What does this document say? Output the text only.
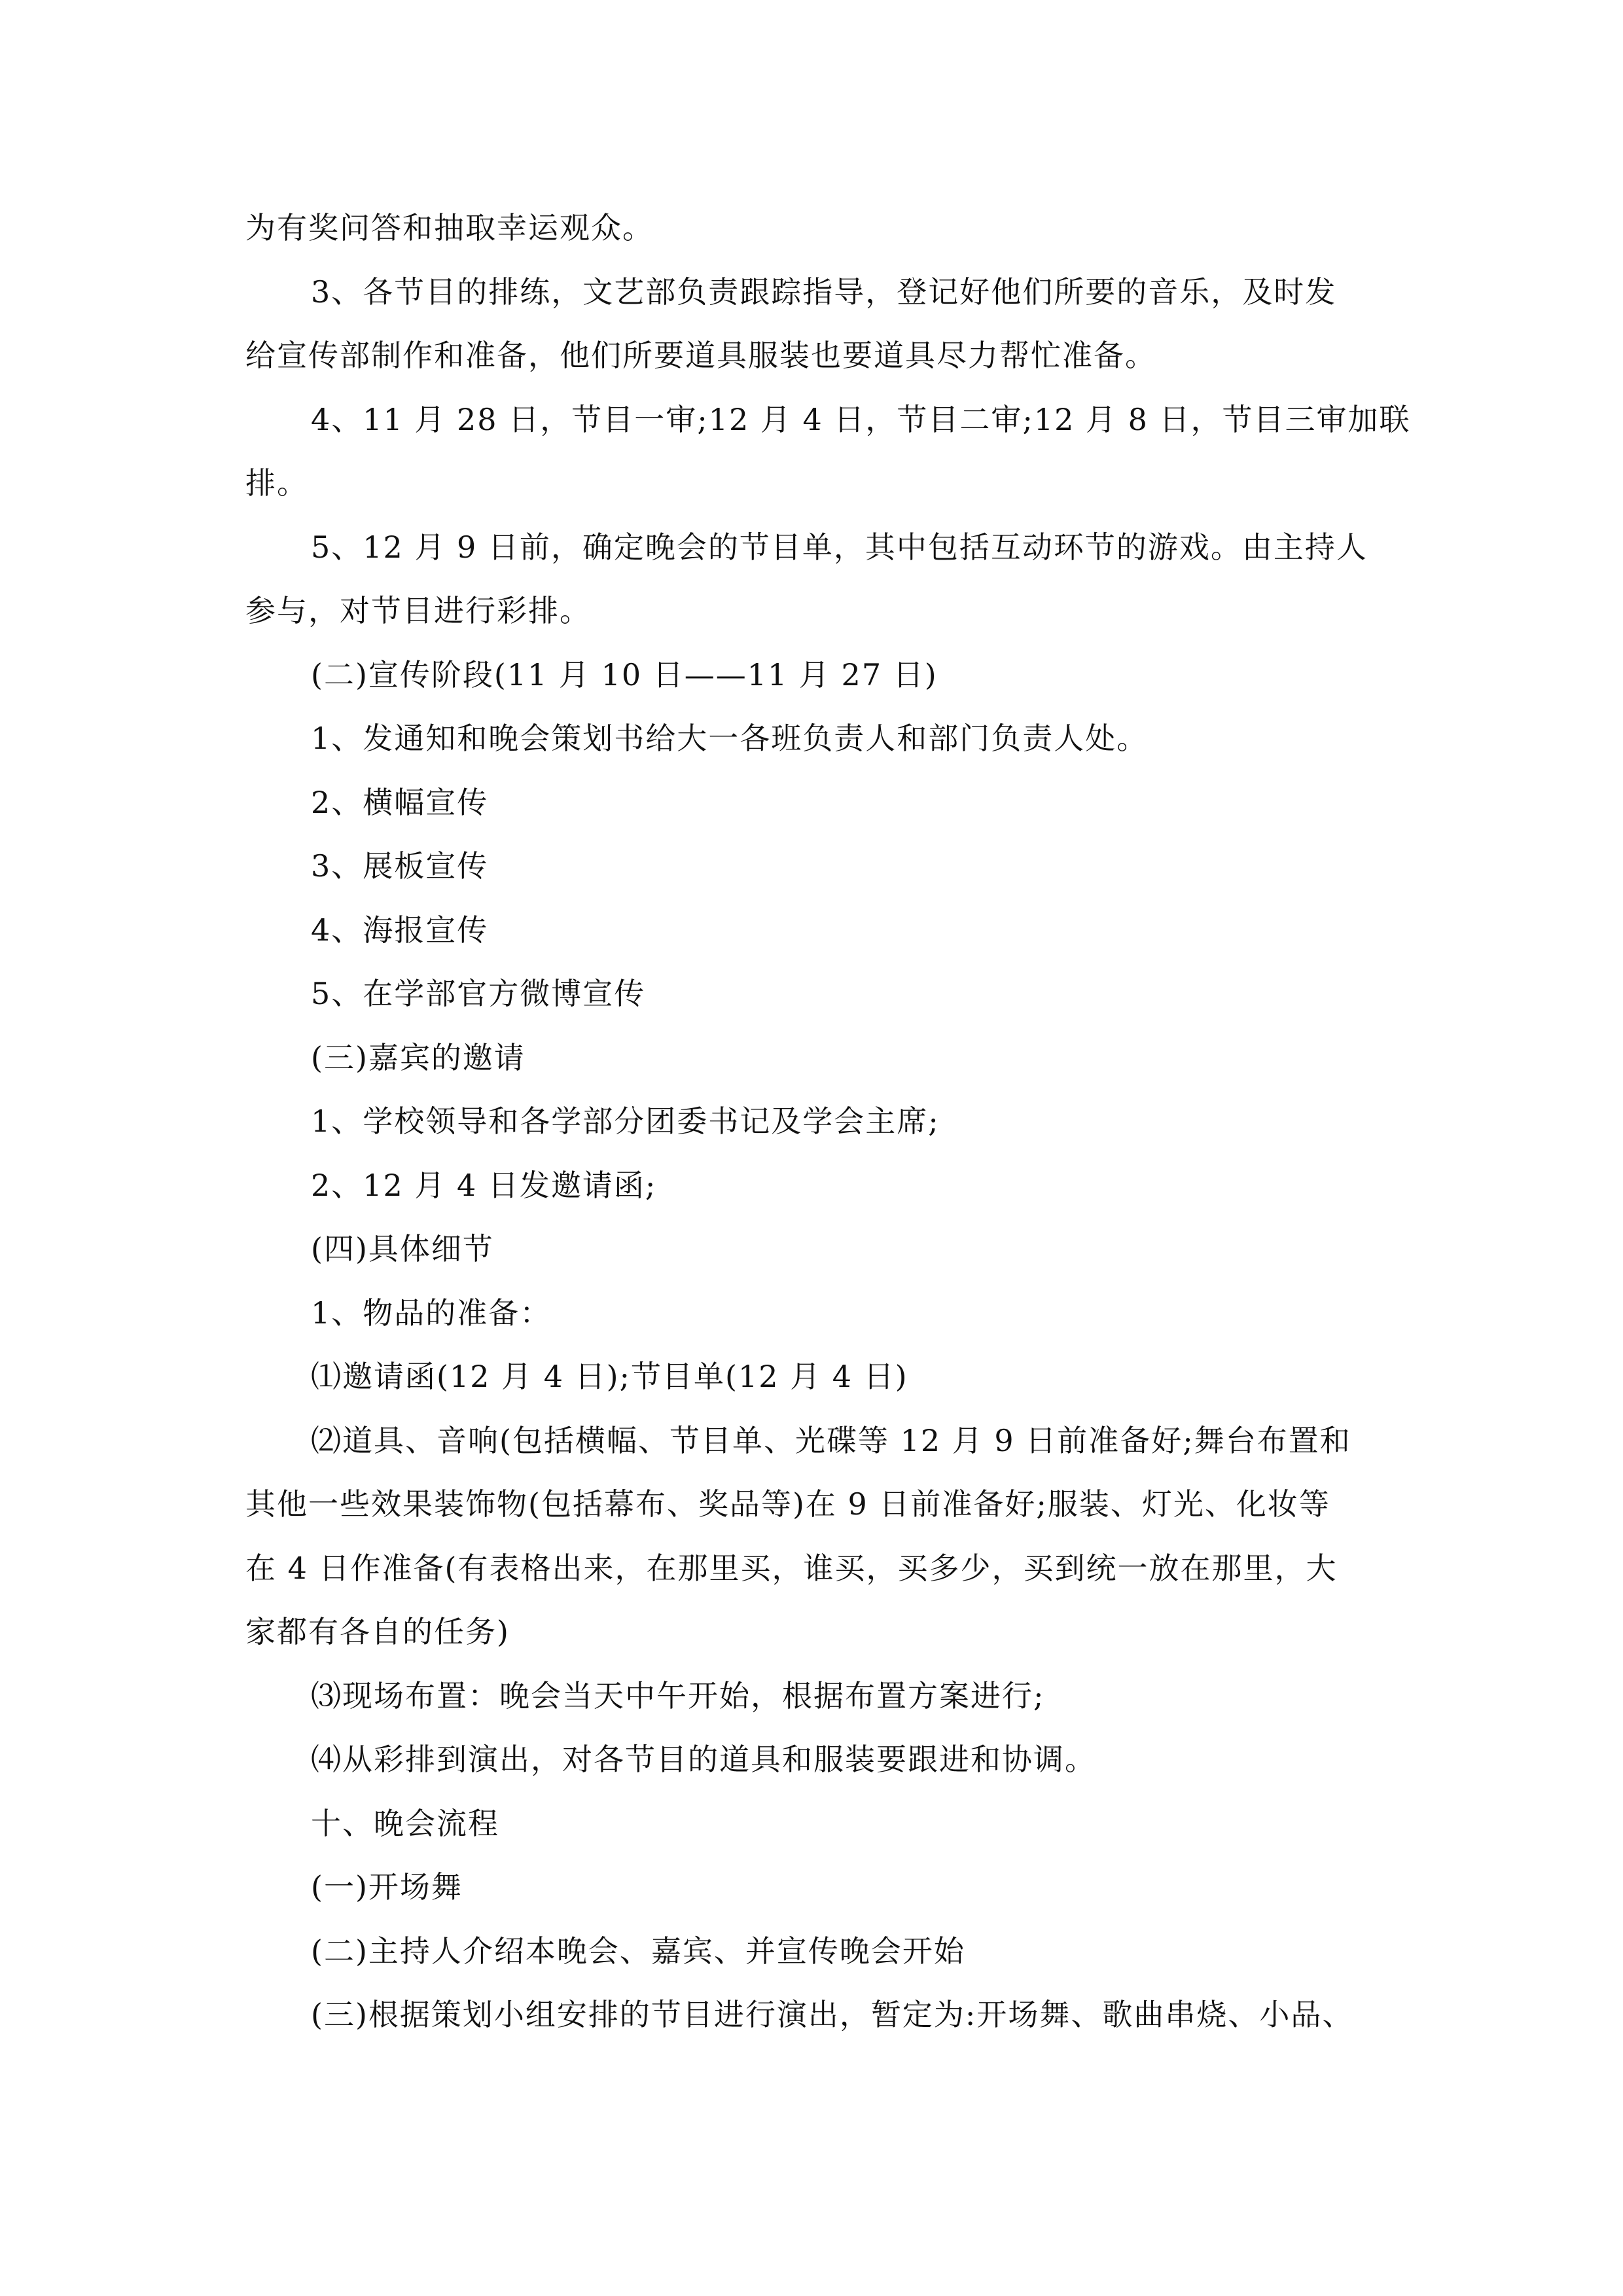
为有奖问答和抽取幸运观众。
3、各节目的排练，文艺部负责跟踪指导，登记好他们所要的音乐，及时发
给宣传部制作和准备，他们所要道具服装也要道具尽力帮忙准备。
4、11 月 28 日，节目一审;12 月 4 日，节目二审;12 月 8 日，节目三审加联
排。
5、12 月 9 日前，确定晚会的节目单，其中包括互动环节的游戏。由主持人
参与，对节目进行彩排。
(二)宣传阶段(11 月 10 日——11 月 27 日)
1、发通知和晚会策划书给大一各班负责人和部门负责人处。
2、横幅宣传
3、展板宣传
4、海报宣传
5、在学部官方微博宣传
(三)嘉宾的邀请
1、学校领导和各学部分团委书记及学会主席;
2、12 月 4 日发邀请函;
(四)具体细节
1、物品的准备：
⑴邀请函(12 月 4 日);节目单(12 月 4 日)
⑵道具、音响(包括横幅、节目单、光碟等 12 月 9 日前准备好;舞台布置和
其他一些效果装饰物(包括幕布、奖品等)在 9 日前准备好;服装、灯光、化妆等
在 4 日作准备(有表格出来，在那里买，谁买，买多少，买到统一放在那里，大
家都有各自的任务)
⑶现场布置：晚会当天中午开始，根据布置方案进行;
⑷从彩排到演出，对各节目的道具和服装要跟进和协调。
十、晚会流程
(一)开场舞
(二)主持人介绍本晚会、嘉宾、并宣传晚会开始
(三)根据策划小组安排的节目进行演出，暂定为:开场舞、歌曲串烧、小品、
